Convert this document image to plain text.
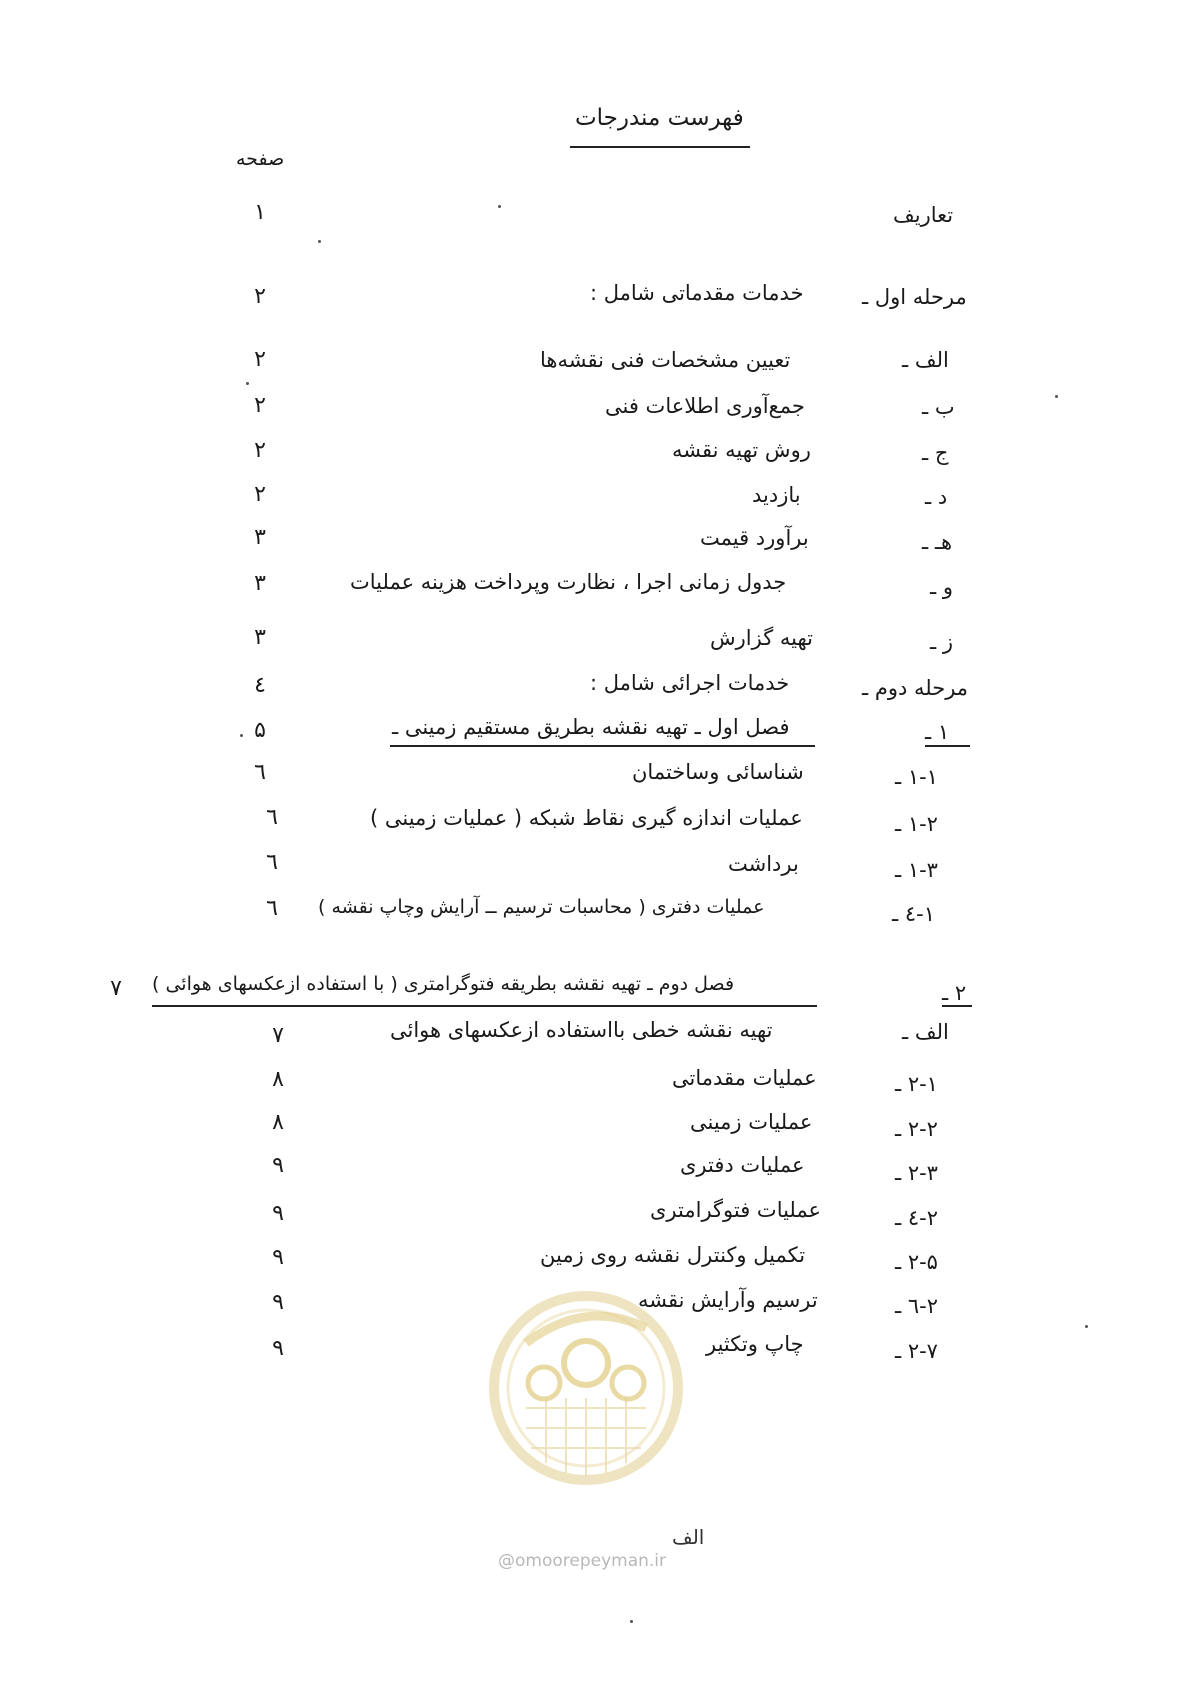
فهرست مندرجات
صفحه
تعاریف
۱
مرحله اول ـ
خدمات مقدماتی شامل :
۲
الف ـ
تعیین مشخصات فنی نقشه‌ها
۲
ب ـ
جمع‌آوری اطلاعات فنی
۲
ج ـ
روش تهیه نقشه
۲
د ـ
بازدید
۲
هـ ـ
برآورد قیمت
۳
و ـ
جدول زمانی اجرا ، نظارت وپرداخت هزینه عملیات
۳
ز ـ
تهیه گزارش
۳
مرحله دوم ـ
خدمات اجرائی شامل :
٤
۱ ـ
فصل اول ـ تهیه نقشه بطریق مستقیم زمینی ـ
۵
۱-۱ ـ
شناسائی وساختمان
٦
۱-۲ ـ
عملیات اندازه گیری نقاط شبکه ( عملیات زمینی )
٦
۱-۳ ـ
برداشت
٦
۱-٤ ـ
عملیات دفتری ( محاسبات ترسیم ــ آرایش وچاپ نقشه )
٦
۲ ـ
فصل دوم ـ تهیه نقشه بطریقه فتوگرامتری ( با استفاده ازعکسهای هوائی )
۷
الف ـ
تهیه نقشه خطی بااستفاده ازعکسهای هوائی
۷
۲-۱ ـ
عملیات مقدماتی
۸
۲-۲ ـ
عملیات زمینی
۸
۲-۳ ـ
عملیات دفتری
۹
۲-٤ ـ
عملیات فتوگرامتری
۹
۲-۵ ـ
تکمیل وکنترل نقشه روی زمین
۹
۲-٦ ـ
ترسیم وآرایش نقشه
۹
۲-۷ ـ
چاپ وتکثیر
۹
الف
@omoorepeyman.ir
